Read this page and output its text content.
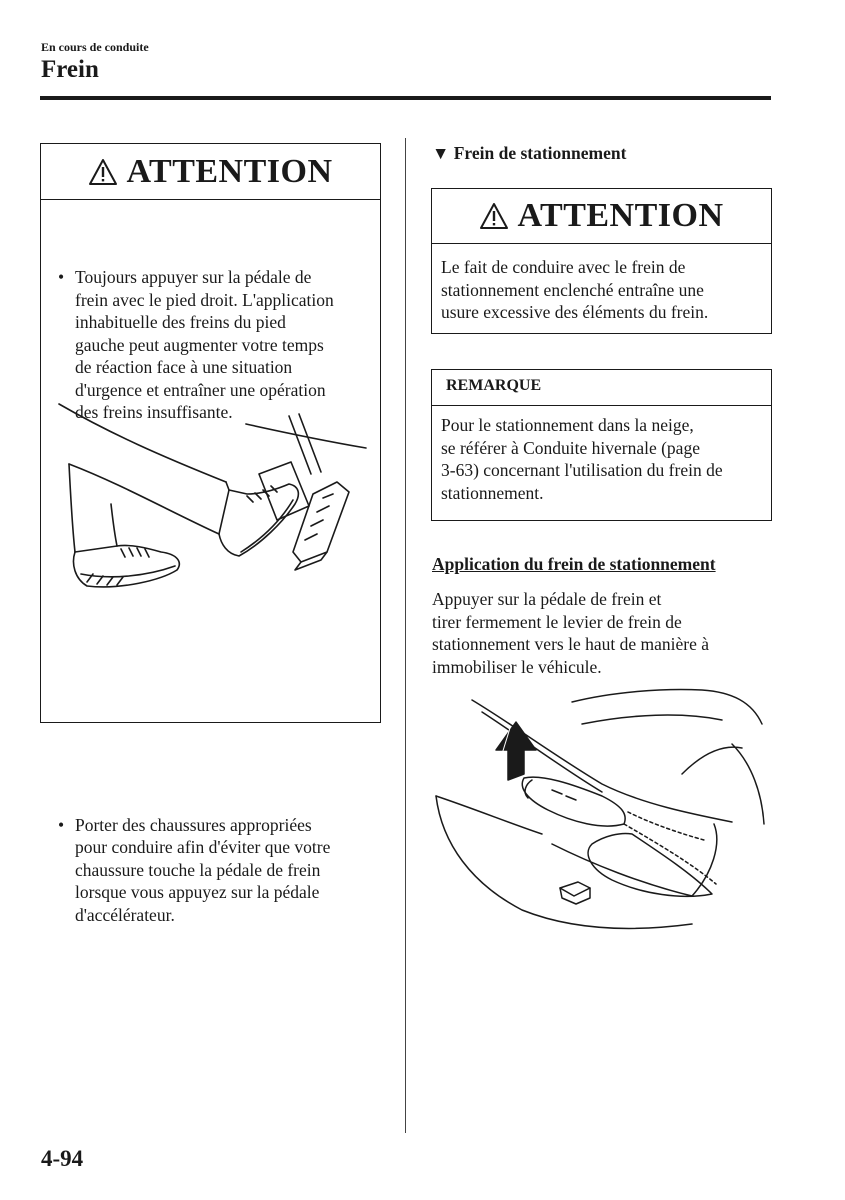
En cours de conduite
Frein
ATTENTION
• Toujours appuyer sur la pédale de
frein avec le pied droit. L'application
inhabituelle des freins du pied
gauche peut augmenter votre temps
de réaction face à une situation
d'urgence et entraîner une opération
des freins insuffisante.
• Porter des chaussures appropriées
pour conduire afin d'éviter que votre
chaussure touche la pédale de frein
lorsque vous appuyez sur la pédale
d'accélérateur.
▼ Frein de stationnement
ATTENTION
Le fait de conduire avec le frein de
stationnement enclenché entraîne une
usure excessive des éléments du frein.
REMARQUE
Pour le stationnement dans la neige,
se référer à Conduite hivernale (page
3-63) concernant l'utilisation du frein de
stationnement.
Application du frein de stationnement
Appuyer sur la pédale de frein et
tirer fermement le levier de frein de
stationnement vers le haut de manière à
immobiliser le véhicule.
4-94
